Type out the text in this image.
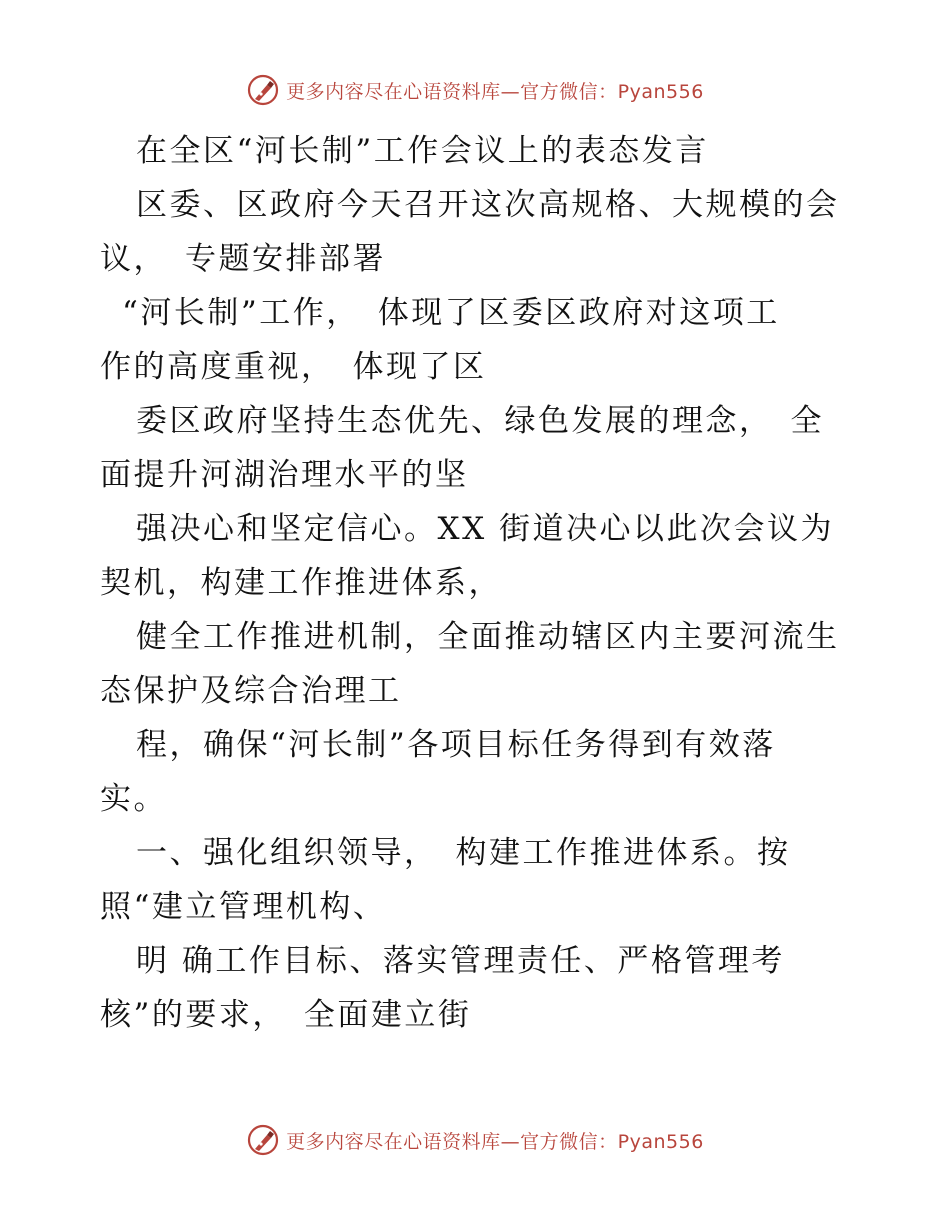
更多内容尽在心语资料库—官方微信：Pyan556
在全区“河长制”工作会议上的表态发言
区委、区政府今天召开这次高规格、大规模的会
议，　专题安排部署
“河长制”工作，　体现了区委区政府对这项工
作的高度重视，　体现了区
委区政府坚持生态优先、绿色发展的理念，　全
面提升河湖治理水平的坚
强决心和坚定信心。XX 街道决心以此次会议为
契机，构建工作推进体系，
健全工作推进机制，全面推动辖区内主要河流生
态保护及综合治理工
程，确保“河长制”各项目标任务得到有效落
实。
一、强化组织领导，　构建工作推进体系。按
照“建立管理机构、
明 确工作目标、落实管理责任、严格管理考
核”的要求，　全面建立街
更多内容尽在心语资料库—官方微信：Pyan556
